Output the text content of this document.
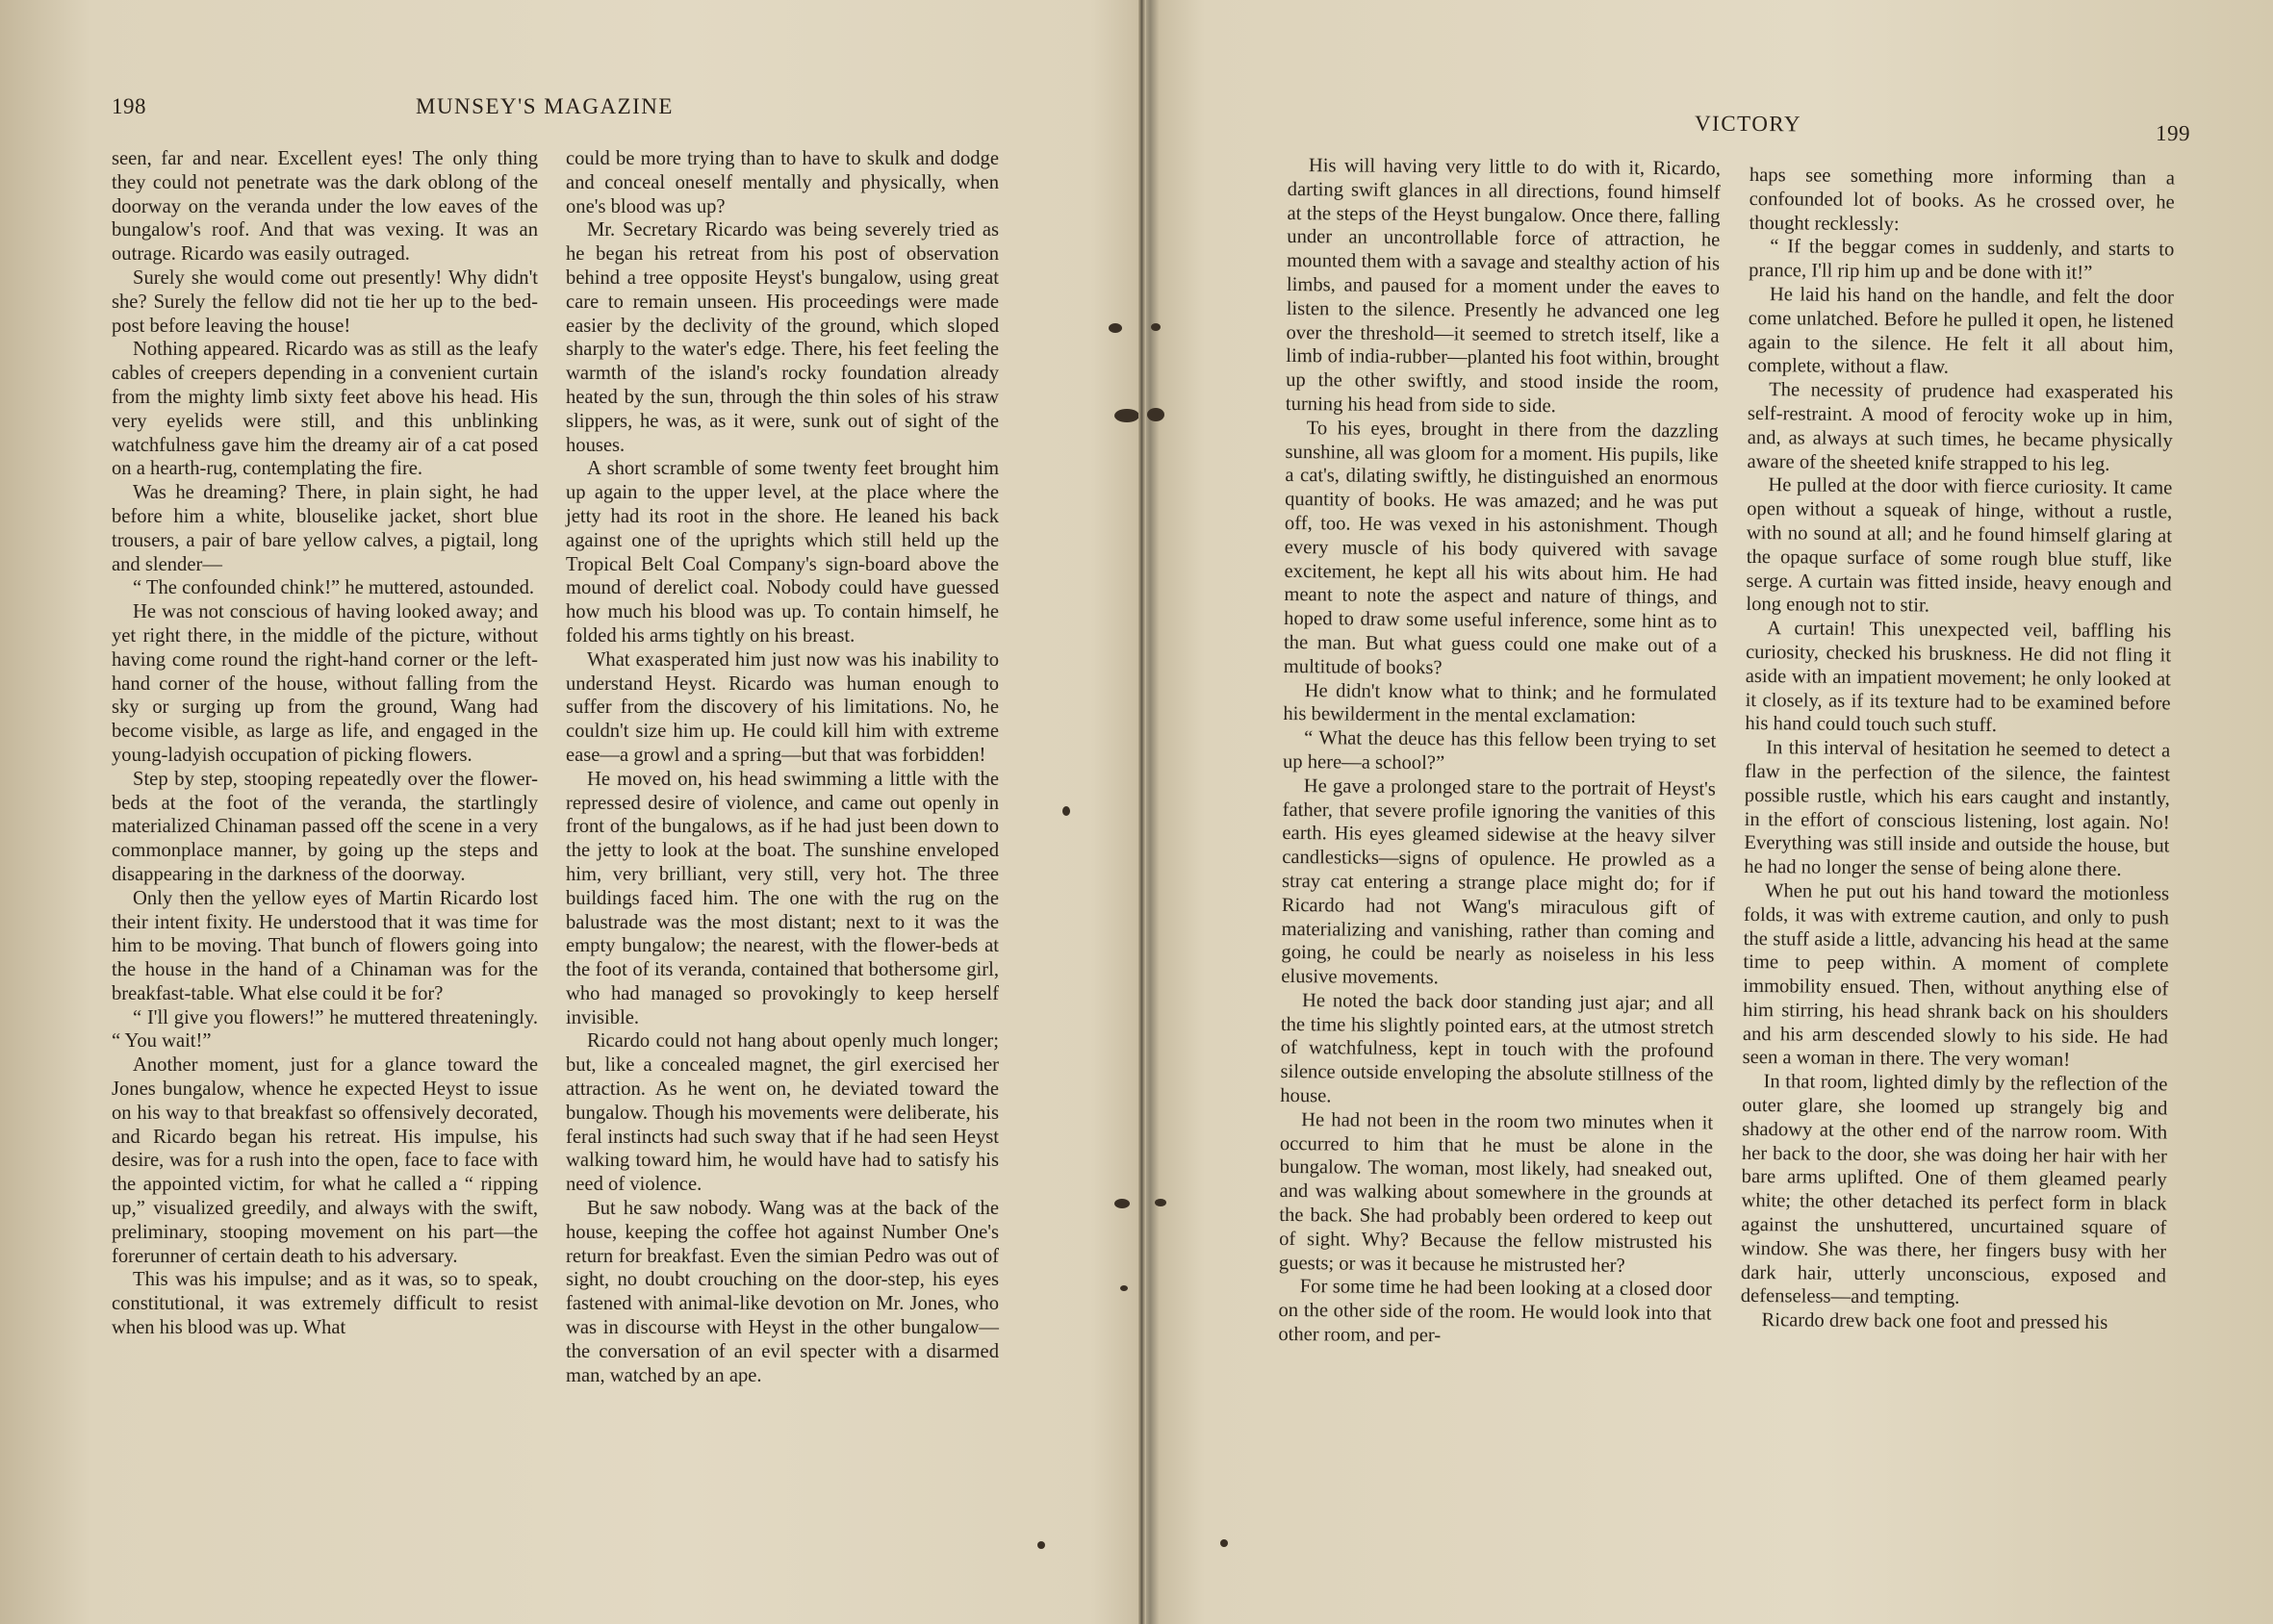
198	MUNSEY'S MAGAZINE

seen, far and near. Excellent eyes! The only thing they could not penetrate was the dark oblong of the doorway on the veranda under the low eaves of the bungalow's roof. And that was vexing. It was an outrage. Ricardo was easily outraged.

Surely she would come out presently! Why didn't she? Surely the fellow did not tie her up to the bed-post before leaving the house!

Nothing appeared. Ricardo was as still as the leafy cables of creepers depending in a convenient curtain from the mighty limb sixty feet above his head. His very eyelids were still, and this unblinking watchfulness gave him the dreamy air of a cat posed on a hearth-rug, contemplating the fire.

Was he dreaming? There, in plain sight, he had before him a white, blouselike jacket, short blue trousers, a pair of bare yellow calves, a pigtail, long and slender—

“ The confounded chink!” he muttered, astounded.

He was not conscious of having looked away; and yet right there, in the middle of the picture, without having come round the right-hand corner or the left-hand corner of the house, without falling from the sky or surging up from the ground, Wang had become visible, as large as life, and engaged in the young-ladyish occupation of picking flowers.

Step by step, stooping repeatedly over the flower-beds at the foot of the veranda, the startlingly materialized Chinaman passed off the scene in a very commonplace manner, by going up the steps and disappearing in the darkness of the doorway.

Only then the yellow eyes of Martin Ricardo lost their intent fixity. He understood that it was time for him to be moving. That bunch of flowers going into the house in the hand of a Chinaman was for the breakfast-table. What else could it be for?

“ I'll give you flowers!” he muttered threateningly. “ You wait!”

Another moment, just for a glance toward the Jones bungalow, whence he expected Heyst to issue on his way to that breakfast so offensively decorated, and Ricardo began his retreat. His impulse, his desire, was for a rush into the open, face to face with the appointed victim, for what he called a “ ripping up,” visualized greedily, and always with the swift, preliminary, stooping movement on his part—the forerunner of certain death to his adversary.

This was his impulse; and as it was, so to speak, constitutional, it was extremely difficult to resist when his blood was up. What

could be more trying than to have to skulk and dodge and conceal oneself mentally and physically, when one's blood was up?

Mr. Secretary Ricardo was being severely tried as he began his retreat from his post of observation behind a tree opposite Heyst's bungalow, using great care to remain unseen. His proceedings were made easier by the declivity of the ground, which sloped sharply to the water's edge. There, his feet feeling the warmth of the island's rocky foundation already heated by the sun, through the thin soles of his straw slippers, he was, as it were, sunk out of sight of the houses.

A short scramble of some twenty feet brought him up again to the upper level, at the place where the jetty had its root in the shore. He leaned his back against one of the uprights which still held up the Tropical Belt Coal Company's sign-board above the mound of derelict coal. Nobody could have guessed how much his blood was up. To contain himself, he folded his arms tightly on his breast.

What exasperated him just now was his inability to understand Heyst. Ricardo was human enough to suffer from the discovery of his limitations. No, he couldn't size him up. He could kill him with extreme ease—a growl and a spring—but that was forbidden!

He moved on, his head swimming a little with the repressed desire of violence, and came out openly in front of the bungalows, as if he had just been down to the jetty to look at the boat. The sunshine enveloped him, very brilliant, very still, very hot. The three buildings faced him. The one with the rug on the balustrade was the most distant; next to it was the empty bungalow; the nearest, with the flower-beds at the foot of its veranda, contained that bothersome girl, who had managed so provokingly to keep herself invisible.

Ricardo could not hang about openly much longer; but, like a concealed magnet, the girl exercised her attraction. As he went on, he deviated toward the bungalow. Though his movements were deliberate, his feral instincts had such sway that if he had seen Heyst walking toward him, he would have had to satisfy his need of violence.

But he saw nobody. Wang was at the back of the house, keeping the coffee hot against Number One's return for breakfast. Even the simian Pedro was out of sight, no doubt crouching on the door-step, his eyes fastened with animal-like devotion on Mr. Jones, who was in discourse with Heyst in the other bungalow—the conversation of an evil specter with a disarmed man, watched by an ape.

VICTORY	199

His will having very little to do with it, Ricardo, darting swift glances in all directions, found himself at the steps of the Heyst bungalow. Once there, falling under an uncontrollable force of attraction, he mounted them with a savage and stealthy action of his limbs, and paused for a moment under the eaves to listen to the silence. Presently he advanced one leg over the threshold—it seemed to stretch itself, like a limb of india-rubber—planted his foot within, brought up the other swiftly, and stood inside the room, turning his head from side to side.

To his eyes, brought in there from the dazzling sunshine, all was gloom for a moment. His pupils, like a cat's, dilating swiftly, he distinguished an enormous quantity of books. He was amazed; and he was put off, too. He was vexed in his astonishment. Though every muscle of his body quivered with savage excitement, he kept all his wits about him. He had meant to note the aspect and nature of things, and hoped to draw some useful inference, some hint as to the man. But what guess could one make out of a multitude of books?

He didn't know what to think; and he formulated his bewilderment in the mental exclamation:

“ What the deuce has this fellow been trying to set up here—a school?”

He gave a prolonged stare to the portrait of Heyst's father, that severe profile ignoring the vanities of this earth. His eyes gleamed sidewise at the heavy silver candlesticks—signs of opulence. He prowled as a stray cat entering a strange place might do; for if Ricardo had not Wang's miraculous gift of materializing and vanishing, rather than coming and going, he could be nearly as noiseless in his less elusive movements.

He noted the back door standing just ajar; and all the time his slightly pointed ears, at the utmost stretch of watchfulness, kept in touch with the profound silence outside enveloping the absolute stillness of the house.

He had not been in the room two minutes when it occurred to him that he must be alone in the bungalow. The woman, most likely, had sneaked out, and was walking about somewhere in the grounds at the back. She had probably been ordered to keep out of sight. Why? Because the fellow mistrusted his guests; or was it because he mistrusted her?

For some time he had been looking at a closed door on the other side of the room. He would look into that other room, and per-

haps see something more informing than a confounded lot of books. As he crossed over, he thought recklessly:

“ If the beggar comes in suddenly, and starts to prance, I'll rip him up and be done with it!”

He laid his hand on the handle, and felt the door come unlatched. Before he pulled it open, he listened again to the silence. He felt it all about him, complete, without a flaw.

The necessity of prudence had exasperated his self-restraint. A mood of ferocity woke up in him, and, as always at such times, he became physically aware of the sheeted knife strapped to his leg.

He pulled at the door with fierce curiosity. It came open without a squeak of hinge, without a rustle, with no sound at all; and he found himself glaring at the opaque surface of some rough blue stuff, like serge. A curtain was fitted inside, heavy enough and long enough not to stir.

A curtain! This unexpected veil, baffling his curiosity, checked his bruskness. He did not fling it aside with an impatient movement; he only looked at it closely, as if its texture had to be examined before his hand could touch such stuff.

In this interval of hesitation he seemed to detect a flaw in the perfection of the silence, the faintest possible rustle, which his ears caught and instantly, in the effort of conscious listening, lost again. No! Everything was still inside and outside the house, but he had no longer the sense of being alone there.

When he put out his hand toward the motionless folds, it was with extreme caution, and only to push the stuff aside a little, advancing his head at the same time to peep within. A moment of complete immobility ensued. Then, without anything else of him stirring, his head shrank back on his shoulders and his arm descended slowly to his side. He had seen a woman in there. The very woman!

In that room, lighted dimly by the reflection of the outer glare, she loomed up strangely big and shadowy at the other end of the narrow room. With her back to the door, she was doing her hair with her bare arms uplifted. One of them gleamed pearly white; the other detached its perfect form in black against the unshuttered, uncurtained square of window. She was there, her fingers busy with her dark hair, utterly unconscious, exposed and defenseless—and tempting.

Ricardo drew back one foot and pressed his
